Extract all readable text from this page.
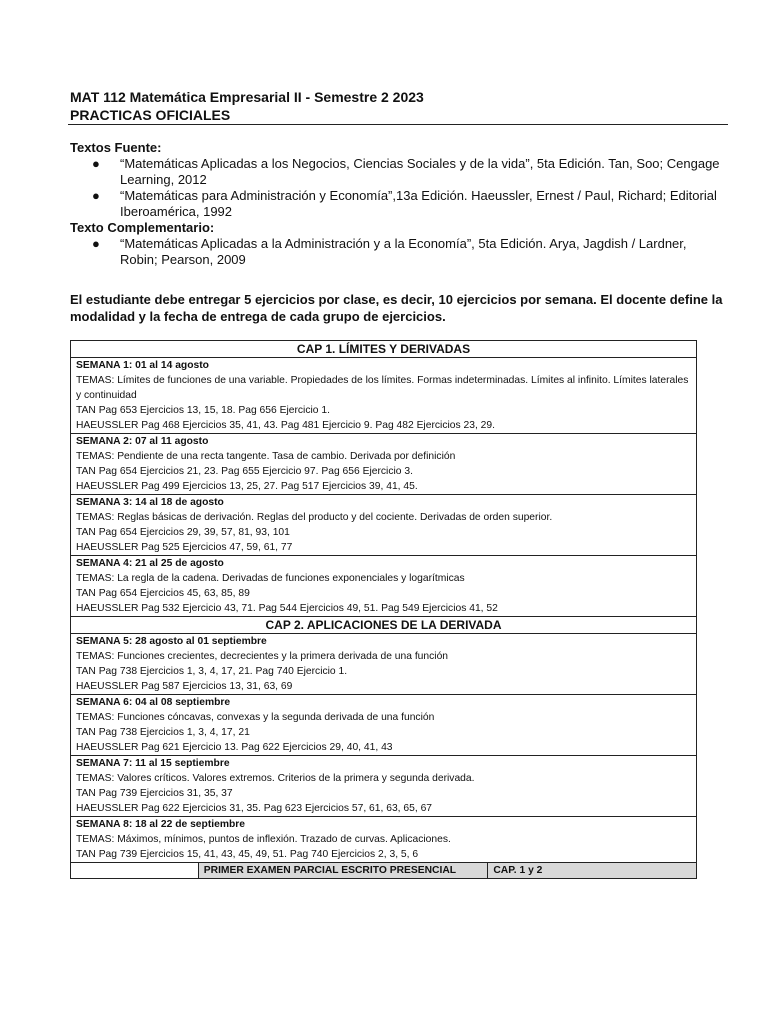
MAT 112 Matemática Empresarial II - Semestre 2 2023
PRACTICAS OFICIALES
Textos Fuente:
● “Matemáticas Aplicadas a los Negocios, Ciencias Sociales y de la vida”, 5ta Edición. Tan, Soo; Cengage Learning, 2012
● “Matemáticas para Administración y Economía”,13a Edición. Haeussler, Ernest / Paul, Richard; Editorial Iberoamérica, 1992
Texto Complementario:
● “Matemáticas Aplicadas a la Administración y a la Economía”, 5ta Edición. Arya, Jagdish / Lardner, Robin; Pearson, 2009
El estudiante debe entregar 5 ejercicios por clase, es decir, 10 ejercicios por semana. El docente define la modalidad y la fecha de entrega de cada grupo de ejercicios.
CAP 1. LÍMITES Y DERIVADAS

SEMANA 1: 01 al 14 agosto
TEMAS: Límites de funciones de una variable. Propiedades de los límites. Formas indeterminadas. Límites al infinito. Límites laterales y continuidad
TAN Pag 653 Ejercicios 13, 15, 18. Pag 656 Ejercicio 1.
HAEUSSLER Pag 468 Ejercicios 35, 41, 43. Pag 481 Ejercicio 9. Pag 482 Ejercicios 23, 29.

SEMANA 2: 07 al 11 agosto
TEMAS: Pendiente de una recta tangente. Tasa de cambio. Derivada por definición
TAN Pag 654 Ejercicios 21, 23. Pag 655 Ejercicio 97. Pag 656 Ejercicio 3.
HAEUSSLER Pag 499 Ejercicios 13, 25, 27. Pag 517 Ejercicios 39, 41, 45.

SEMANA 3: 14 al 18 de agosto
TEMAS: Reglas básicas de derivación. Reglas del producto y del cociente. Derivadas de orden superior.
TAN Pag 654 Ejercicios 29, 39, 57, 81, 93, 101
HAEUSSLER Pag 525 Ejercicios 47, 59, 61, 77

SEMANA 4: 21 al 25 de agosto
TEMAS: La regla de la cadena. Derivadas de funciones exponenciales y logarítmicas
TAN Pag 654 Ejercicios 45, 63, 85, 89
HAEUSSLER Pag 532 Ejercicio 43, 71. Pag 544 Ejercicios 49, 51. Pag 549 Ejercicios 41, 52

CAP 2. APLICACIONES DE LA DERIVADA

SEMANA 5: 28 agosto al 01 septiembre
TEMAS: Funciones crecientes, decrecientes y la primera derivada de una función
TAN Pag 738 Ejercicios 1, 3, 4, 17, 21. Pag 740 Ejercicio 1.
HAEUSSLER Pag 587 Ejercicios 13, 31, 63, 69

SEMANA 6: 04 al 08 septiembre
TEMAS: Funciones cóncavas, convexas y la segunda derivada de una función
TAN Pag 738 Ejercicios 1, 3, 4, 17, 21
HAEUSSLER Pag 621 Ejercicio 13. Pag 622 Ejercicios 29, 40, 41, 43

SEMANA 7: 11 al 15 septiembre
TEMAS: Valores críticos. Valores extremos. Criterios de la primera y segunda derivada.
TAN Pag 739 Ejercicios 31, 35, 37
HAEUSSLER Pag 622 Ejercicios 31, 35. Pag 623 Ejercicios 57, 61, 63, 65, 67

SEMANA 8: 18 al 22 de septiembre
TEMAS: Máximos, mínimos, puntos de inflexión. Trazado de curvas. Aplicaciones.
TAN Pag 739 Ejercicios 15, 41, 43, 45, 49, 51. Pag 740 Ejercicios 2, 3, 5, 6

	PRIMER EXAMEN PARCIAL ESCRITO PRESENCIAL	CAP. 1 y 2
